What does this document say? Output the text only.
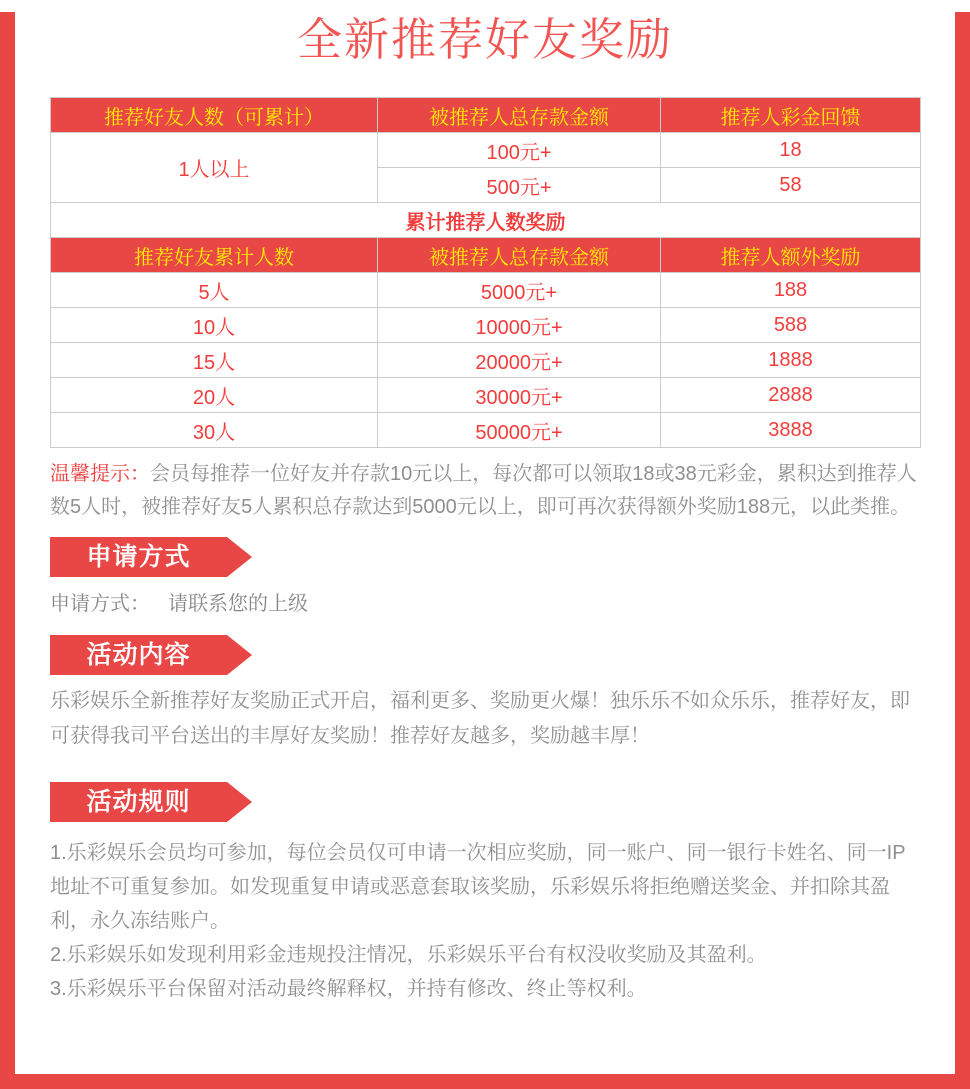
全新推荐好友奖励
推荐好友人数（可累计）	被推荐人总存款金额	推荐人彩金回馈
1人以上	100元+	18
	500元+	58
累计推荐人数奖励		
推荐好友累计人数	被推荐人总存款金额	推荐人额外奖励
5人	5000元+	188
10人	10000元+	588
15人	20000元+	1888
20人	30000元+	2888
30人	50000元+	3888

温馨提示：会员每推荐一位好友并存款10元以上，每次都可以领取18或38元彩金，累积达到推荐人数5人时，被推荐好友5人累积总存款达到5000元以上，即可再次获得额外奖励188元，以此类推。

申请方式

申请方式： 请联系您的上级

活动内容

乐彩娱乐全新推荐好友奖励正式开启，福利更多、奖励更火爆！独乐乐不如众乐乐，推荐好友，即可获得我司平台送出的丰厚好友奖励！推荐好友越多，奖励越丰厚！

活动规则

1.乐彩娱乐会员均可参加，每位会员仅可申请一次相应奖励，同一账户、同一银行卡姓名、同一IP地址不可重复参加。如发现重复申请或恶意套取该奖励，乐彩娱乐将拒绝赠送奖金、并扣除其盈利，永久冻结账户。

2.乐彩娱乐如发现利用彩金违规投注情况，乐彩娱乐平台有权没收奖励及其盈利。

3.乐彩娱乐平台保留对活动最终解释权，并持有修改、终止等权利。
